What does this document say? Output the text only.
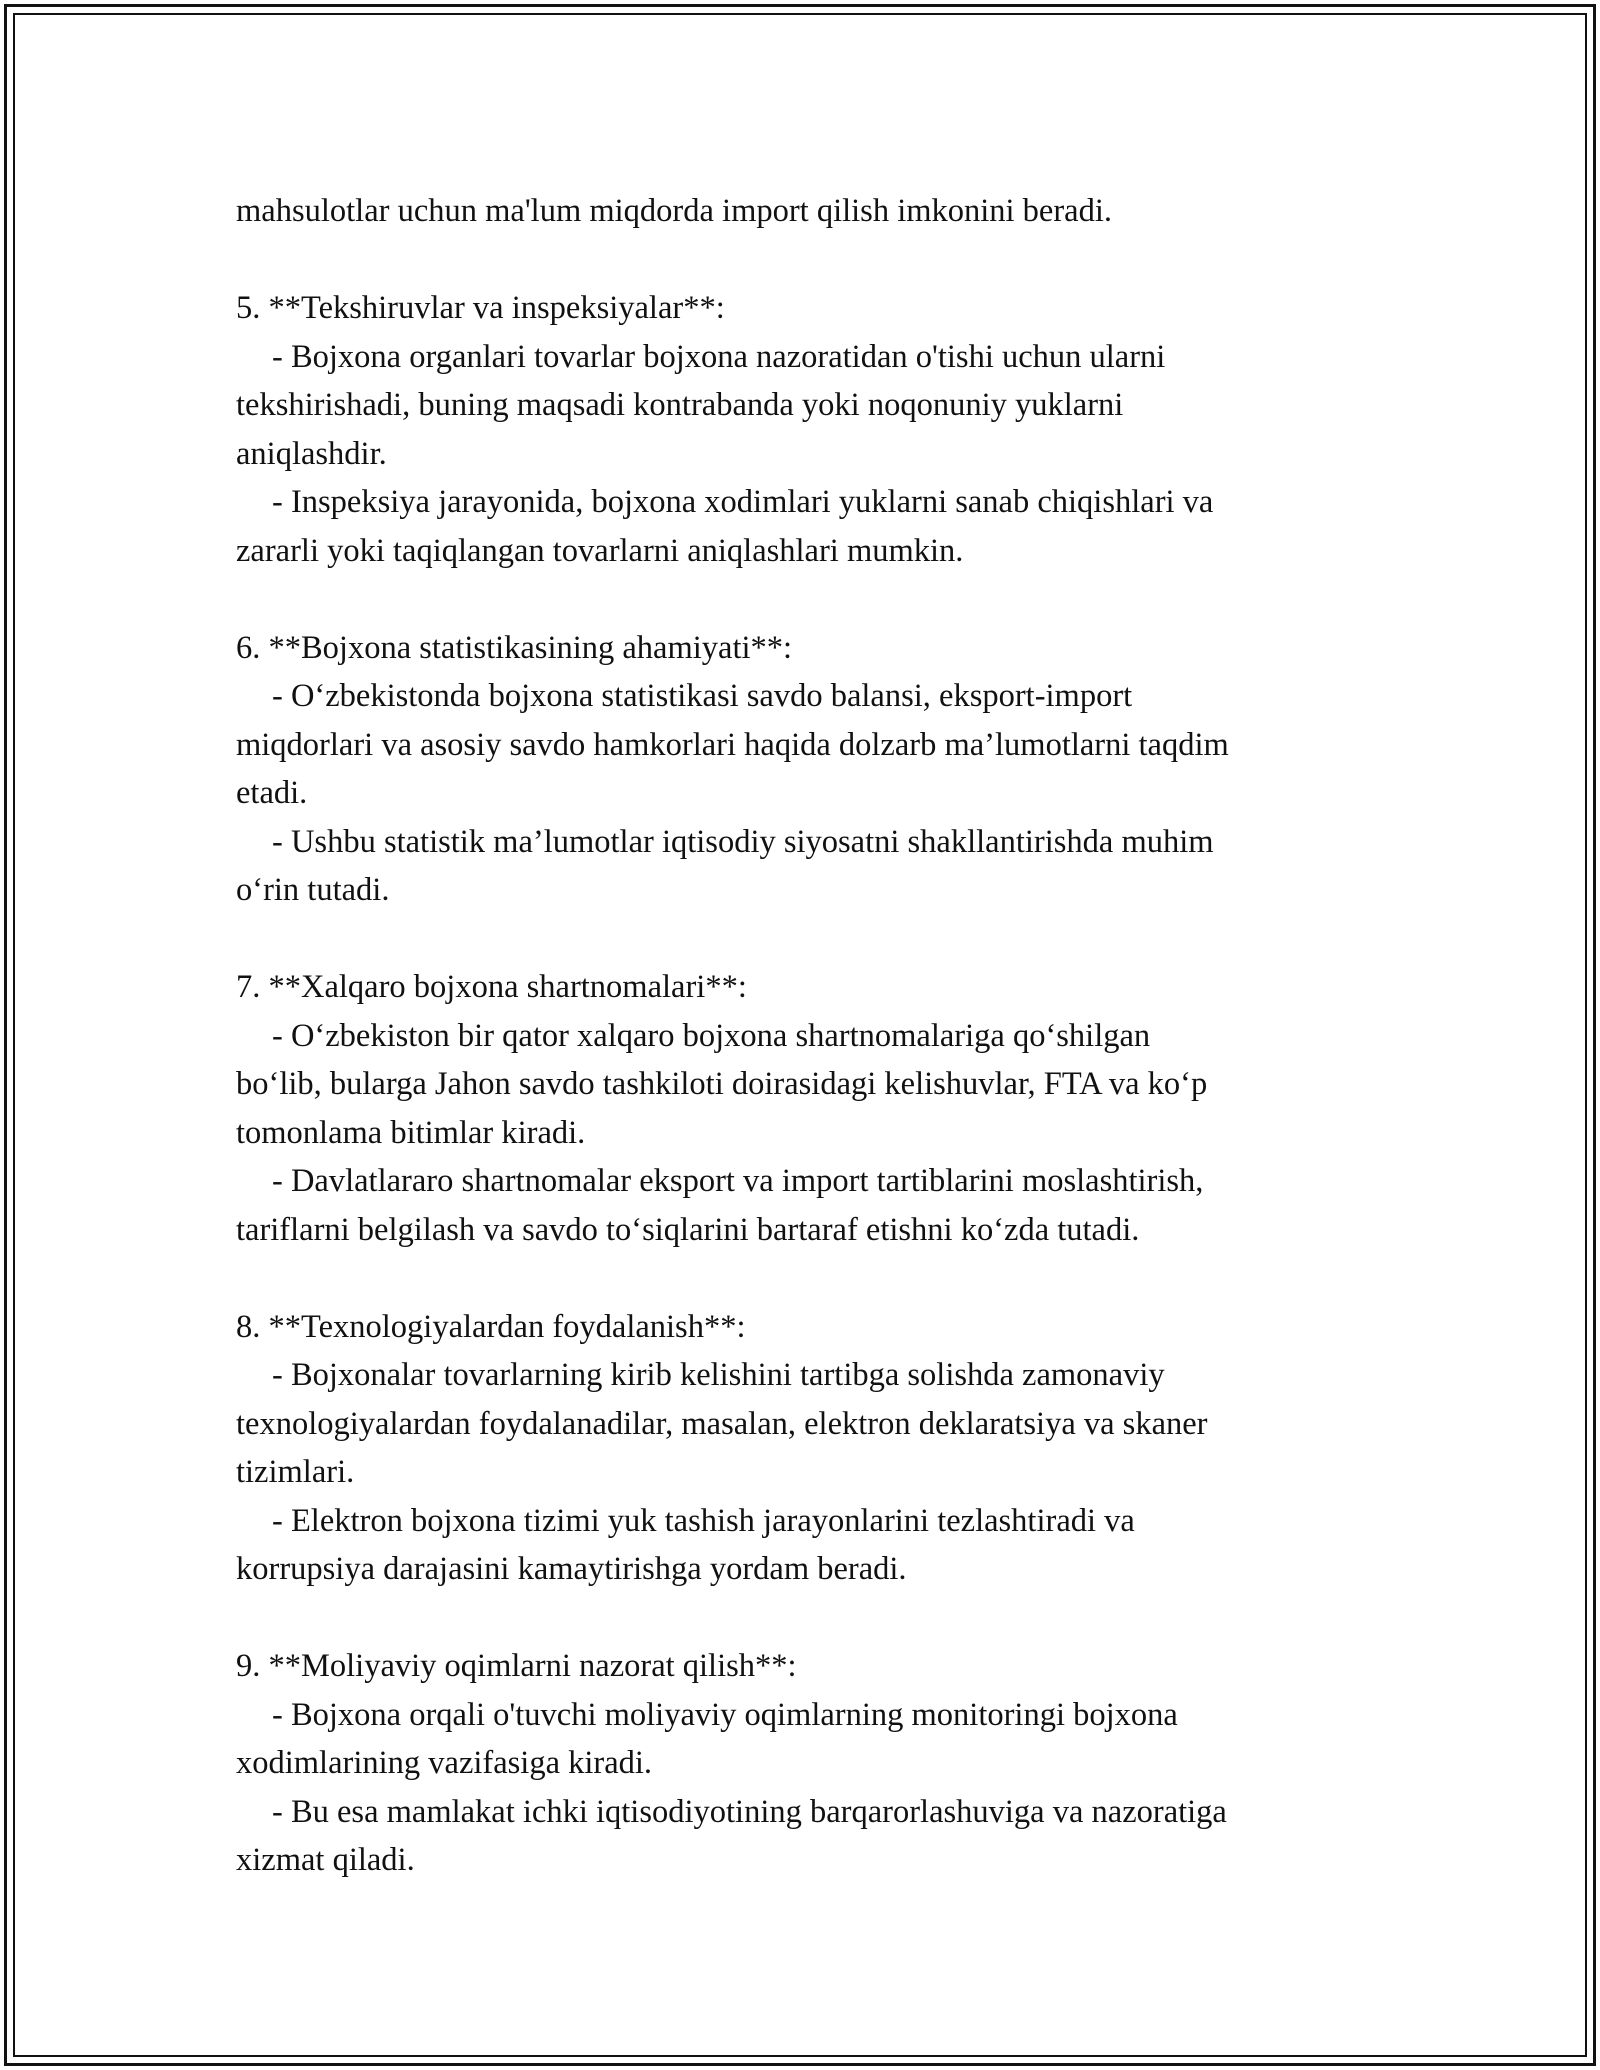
mahsulotlar uchun ma'lum miqdorda import qilish imkonini beradi.
5. **Tekshiruvlar va inspeksiyalar**:
- Bojxona organlari tovarlar bojxona nazoratidan o'tishi uchun ularni
tekshirishadi, buning maqsadi kontrabanda yoki noqonuniy yuklarni
aniqlashdir.
- Inspeksiya jarayonida, bojxona xodimlari yuklarni sanab chiqishlari va
zararli yoki taqiqlangan tovarlarni aniqlashlari mumkin.
6. **Bojxona statistikasining ahamiyati**:
- O‘zbekistonda bojxona statistikasi savdo balansi, eksport-import
miqdorlari va asosiy savdo hamkorlari haqida dolzarb ma’lumotlarni taqdim
etadi.
- Ushbu statistik ma’lumotlar iqtisodiy siyosatni shakllantirishda muhim
o‘rin tutadi.
7. **Xalqaro bojxona shartnomalari**:
- O‘zbekiston bir qator xalqaro bojxona shartnomalariga qo‘shilgan
bo‘lib, bularga Jahon savdo tashkiloti doirasidagi kelishuvlar, FTA va ko‘p
tomonlama bitimlar kiradi.
- Davlatlararo shartnomalar eksport va import tartiblarini moslashtirish,
tariflarni belgilash va savdo to‘siqlarini bartaraf etishni ko‘zda tutadi.
8. **Texnologiyalardan foydalanish**:
- Bojxonalar tovarlarning kirib kelishini tartibga solishda zamonaviy
texnologiyalardan foydalanadilar, masalan, elektron deklaratsiya va skaner
tizimlari.
- Elektron bojxona tizimi yuk tashish jarayonlarini tezlashtiradi va
korrupsiya darajasini kamaytirishga yordam beradi.
9. **Moliyaviy oqimlarni nazorat qilish**:
- Bojxona orqali o'tuvchi moliyaviy oqimlarning monitoringi bojxona
xodimlarining vazifasiga kiradi.
- Bu esa mamlakat ichki iqtisodiyotining barqarorlashuviga va nazoratiga
xizmat qiladi.
